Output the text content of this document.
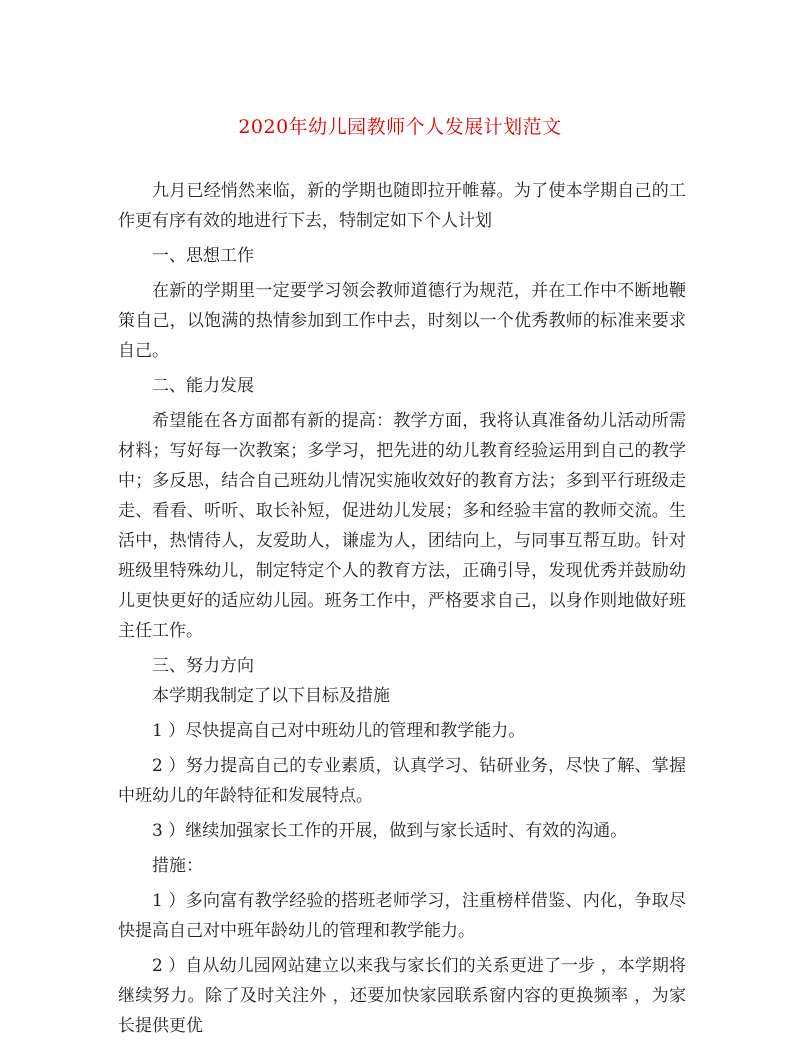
2020年幼儿园教师个人发展计划范文

九月已经悄然来临，新的学期也随即拉开帷幕。为了使本学期自己的工作更有序有效的地进行下去，特制定如下个人计划

一、思想工作

在新的学期里一定要学习领会教师道德行为规范，并在工作中不断地鞭策自己，以饱满的热情参加到工作中去，时刻以一个优秀教师的标准来要求自己。

二、能力发展

希望能在各方面都有新的提高：教学方面，我将认真准备幼儿活动所需材料；写好每一次教案；多学习，把先进的幼儿教育经验运用到自己的教学中；多反思，结合自己班幼儿情况实施收效好的教育方法；多到平行班级走走、看看、听听、取长补短，促进幼儿发展；多和经验丰富的教师交流。生活中，热情待人，友爱助人，谦虚为人，团结向上，与同事互帮互助。针对班级里特殊幼儿，制定特定个人的教育方法，正确引导，发现优秀并鼓励幼儿更快更好的适应幼儿园。班务工作中，严格要求自己，以身作则地做好班主任工作。

三、努力方向

本学期我制定了以下目标及措施

1 ）尽快提高自己对中班幼儿的管理和教学能力。

2 ）努力提高自己的专业素质，认真学习、钻研业务，尽快了解、掌握中班幼儿的年龄特征和发展特点。

3 ）继续加强家长工作的开展，做到与家长适时、有效的沟通。

措施：

1 ）多向富有教学经验的搭班老师学习，注重榜样借鉴、内化，争取尽快提高自己对中班年龄幼儿的管理和教学能力。

2 ）自从幼儿园网站建立以来我与家长们的关系更进了一步 ，本学期将继续努力。除了及时关注外 ，还要加快家园联系窗内容的更换频率 ，为家长提供更优
